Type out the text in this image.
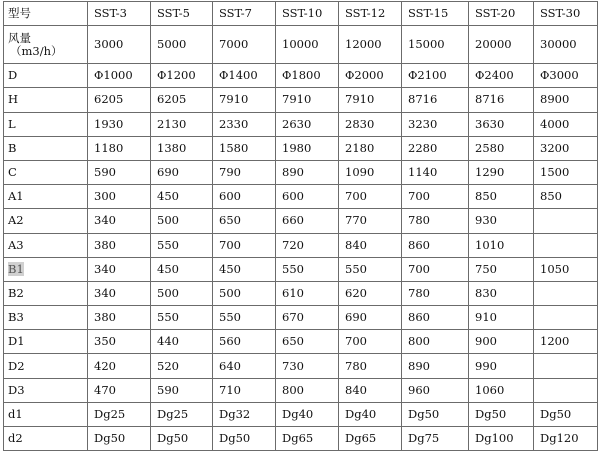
型号	SST-3	SST-5	SST-7	SST-10	SST-12	SST-15	SST-20	SST-30

风量
（m3/h）	3000	5000	7000	10000	12000	15000	20000	30000
D	Φ1000	Φ1200	Φ1400	Φ1800	Φ2000	Φ2100	Φ2400	Φ3000
H	6205	6205	7910	7910	7910	8716	8716	8900
L	1930	2130	2330	2630	2830	3230	3630	4000
B	1180	1380	1580	1980	2180	2280	2580	3200
C	590	690	790	890	1090	1140	1290	1500
A1	300	450	600	600	700	700	850	850
A2	340	500	650	660	770	780	930	
A3	380	550	700	720	840	860	1010	
B1	340	450	450	550	550	700	750	1050
B2	340	500	500	610	620	780	830	
B3	380	550	550	670	690	860	910	
D1	350	440	560	650	700	800	900	1200
D2	420	520	640	730	780	890	990	
D3	470	590	710	800	840	960	1060	
d1	Dg25	Dg25	Dg32	Dg40	Dg40	Dg50	Dg50	Dg50
d2	Dg50	Dg50	Dg50	Dg65	Dg65	Dg75	Dg100	Dg120
